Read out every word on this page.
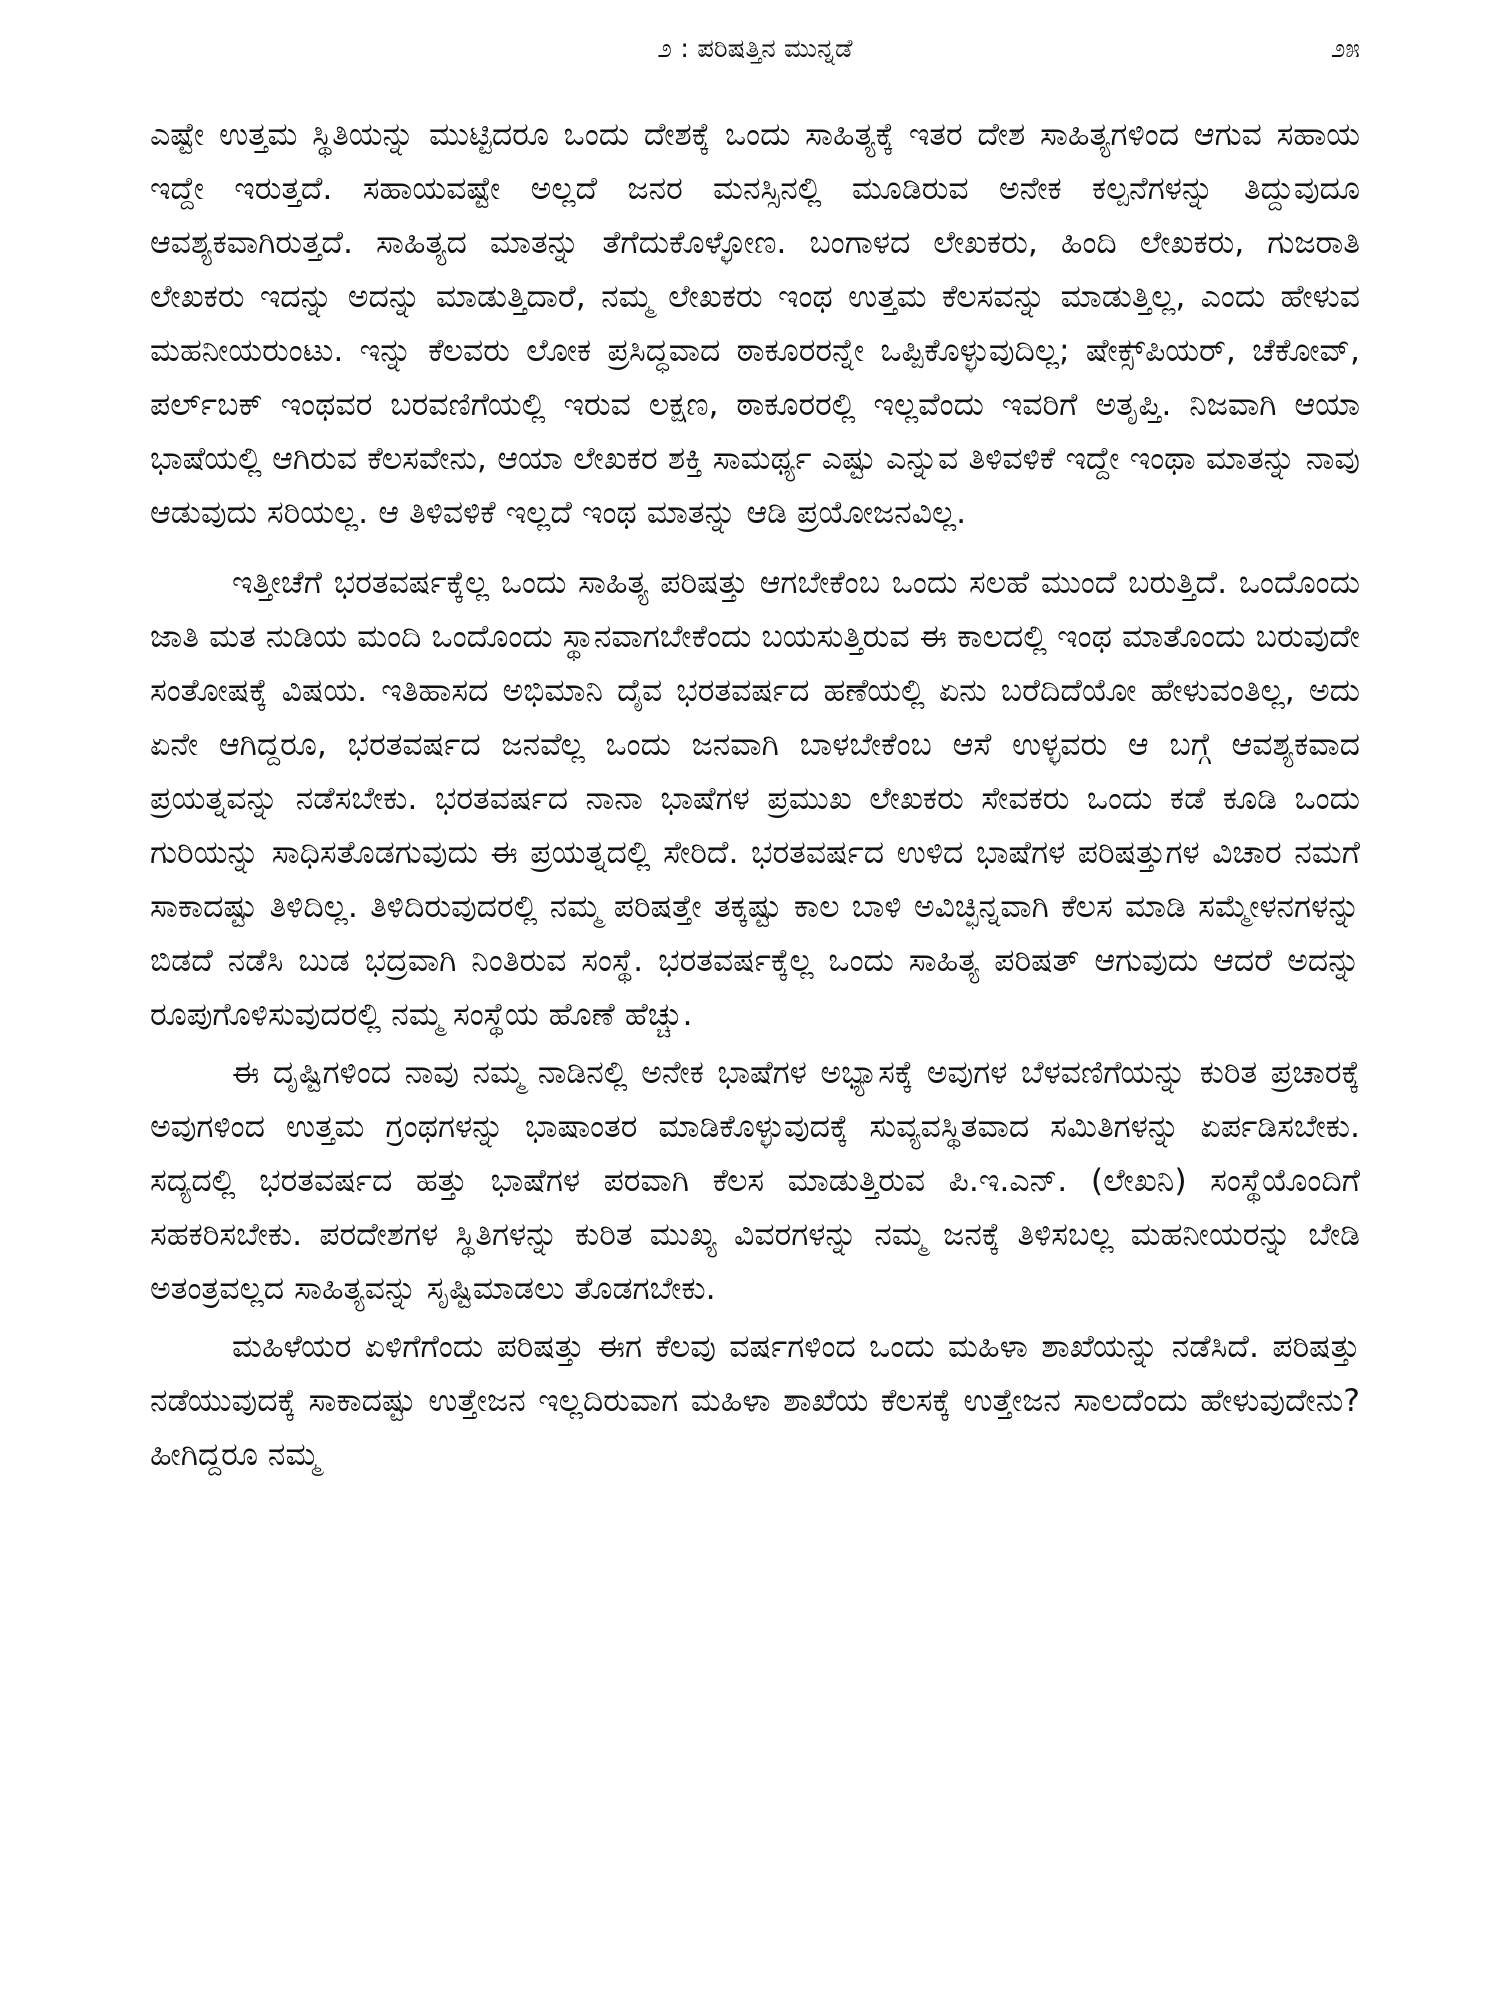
೨ : ಪರಿಷತ್ತಿನ ಮುನ್ನಡೆ	೨೫

ಎಷ್ಟೇ ಉತ್ತಮ ಸ್ಥಿತಿಯನ್ನು ಮುಟ್ಟಿದರೂ ಒಂದು ದೇಶಕ್ಕೆ ಒಂದು ಸಾಹಿತ್ಯಕ್ಕೆ ಇತರ ದೇಶ ಸಾಹಿತ್ಯಗಳಿಂದ ಆಗುವ ಸಹಾಯ ಇದ್ದೇ ಇರುತ್ತದೆ. ಸಹಾಯವಷ್ಟೇ ಅಲ್ಲದೆ ಜನರ ಮನಸ್ಸಿನಲ್ಲಿ ಮೂಡಿರುವ ಅನೇಕ ಕಲ್ಪನೆಗಳನ್ನು ತಿದ್ದುವುದೂ ಆವಶ್ಯಕವಾಗಿರುತ್ತದೆ. ಸಾಹಿತ್ಯದ ಮಾತನ್ನು ತೆಗೆದುಕೊಳ್ಳೋಣ. ಬಂಗಾಳದ ಲೇಖಕರು, ಹಿಂದಿ ಲೇಖಕರು, ಗುಜರಾತಿ ಲೇಖಕರು ಇದನ್ನು ಅದನ್ನು ಮಾಡುತ್ತಿದಾರೆ, ನಮ್ಮ ಲೇಖಕರು ಇಂಥ ಉತ್ತಮ ಕೆಲಸವನ್ನು ಮಾಡುತ್ತಿಲ್ಲ, ಎಂದು ಹೇಳುವ ಮಹನೀಯರುಂಟು. ಇನ್ನು ಕೆಲವರು ಲೋಕ ಪ್ರಸಿದ್ಧವಾದ ಠಾಕೂರರನ್ನೇ ಒಪ್ಪಿಕೊಳ್ಳುವುದಿಲ್ಲ; ಷೇಕ್ಸ್‌ಪಿಯರ್, ಚೆಕೋವ್, ಪರ್ಲ್‌ಬಕ್ ಇಂಥವರ ಬರವಣಿಗೆಯಲ್ಲಿ ಇರುವ ಲಕ್ಷಣ, ಠಾಕೂರರಲ್ಲಿ ಇಲ್ಲವೆಂದು ಇವರಿಗೆ ಅತೃಪ್ತಿ. ನಿಜವಾಗಿ ಆಯಾ ಭಾಷೆಯಲ್ಲಿ ಆಗಿರುವ ಕೆಲಸವೇನು, ಆಯಾ ಲೇಖಕರ ಶಕ್ತಿ ಸಾಮರ್ಥ್ಯ ಎಷ್ಟು ಎನ್ನುವ ತಿಳಿವಳಿಕೆ ಇದ್ದೇ ಇಂಥಾ ಮಾತನ್ನು ನಾವು ಆಡುವುದು ಸರಿಯಲ್ಲ. ಆ ತಿಳಿವಳಿಕೆ ಇಲ್ಲದೆ ಇಂಥ ಮಾತನ್ನು ಆಡಿ ಪ್ರಯೋಜನವಿಲ್ಲ.

ಇತ್ತೀಚೆಗೆ ಭರತವರ್ಷಕ್ಕೆಲ್ಲ ಒಂದು ಸಾಹಿತ್ಯ ಪರಿಷತ್ತು ಆಗಬೇಕೆಂಬ ಒಂದು ಸಲಹೆ ಮುಂದೆ ಬರುತ್ತಿದೆ. ಒಂದೊಂದು ಜಾತಿ ಮತ ನುಡಿಯ ಮಂದಿ ಒಂದೊಂದು ಸ್ಥಾನವಾಗಬೇಕೆಂದು ಬಯಸುತ್ತಿರುವ ಈ ಕಾಲದಲ್ಲಿ ಇಂಥ ಮಾತೊಂದು ಬರುವುದೇ ಸಂತೋಷಕ್ಕೆ ವಿಷಯ. ಇತಿಹಾಸದ ಅಭಿಮಾನಿ ದೈವ ಭರತವರ್ಷದ ಹಣೆಯಲ್ಲಿ ಏನು ಬರೆದಿದೆಯೋ ಹೇಳುವಂತಿಲ್ಲ, ಅದು ಏನೇ ಆಗಿದ್ದರೂ, ಭರತವರ್ಷದ ಜನವೆಲ್ಲ ಒಂದು ಜನವಾಗಿ ಬಾಳಬೇಕೆಂಬ ಆಸೆ ಉಳ್ಳವರು ಆ ಬಗ್ಗೆ ಆವಶ್ಯಕವಾದ ಪ್ರಯತ್ನವನ್ನು ನಡೆಸಬೇಕು. ಭರತವರ್ಷದ ನಾನಾ ಭಾಷೆಗಳ ಪ್ರಮುಖ ಲೇಖಕರು ಸೇವಕರು ಒಂದು ಕಡೆ ಕೂಡಿ ಒಂದು ಗುರಿಯನ್ನು ಸಾಧಿಸತೊಡಗುವುದು ಈ ಪ್ರಯತ್ನದಲ್ಲಿ ಸೇರಿದೆ. ಭರತವರ್ಷದ ಉಳಿದ ಭಾಷೆಗಳ ಪರಿಷತ್ತುಗಳ ವಿಚಾರ ನಮಗೆ ಸಾಕಾದಷ್ಟು ತಿಳಿದಿಲ್ಲ. ತಿಳಿದಿರುವುದರಲ್ಲಿ ನಮ್ಮ ಪರಿಷತ್ತೇ ತಕ್ಕಷ್ಟು ಕಾಲ ಬಾಳಿ ಅವಿಚ್ಛಿನ್ನವಾಗಿ ಕೆಲಸ ಮಾಡಿ ಸಮ್ಮೇಳನಗಳನ್ನು ಬಿಡದೆ ನಡೆಸಿ ಬುಡ ಭದ್ರವಾಗಿ ನಿಂತಿರುವ ಸಂಸ್ಥೆ. ಭರತವರ್ಷಕ್ಕೆಲ್ಲ ಒಂದು ಸಾಹಿತ್ಯ ಪರಿಷತ್ ಆಗುವುದು ಆದರೆ ಅದನ್ನು ರೂಪುಗೊಳಿಸುವುದರಲ್ಲಿ ನಮ್ಮ ಸಂಸ್ಥೆಯ ಹೊಣೆ ಹೆಚ್ಚು.

ಈ ದೃಷ್ಟಿಗಳಿಂದ ನಾವು ನಮ್ಮ ನಾಡಿನಲ್ಲಿ ಅನೇಕ ಭಾಷೆಗಳ ಅಭ್ಯಾಸಕ್ಕೆ ಅವುಗಳ ಬೆಳವಣಿಗೆಯನ್ನು ಕುರಿತ ಪ್ರಚಾರಕ್ಕೆ ಅವುಗಳಿಂದ ಉತ್ತಮ ಗ್ರಂಥಗಳನ್ನು ಭಾಷಾಂತರ ಮಾಡಿಕೊಳ್ಳುವುದಕ್ಕೆ ಸುವ್ಯವಸ್ಥಿತವಾದ ಸಮಿತಿಗಳನ್ನು ಏರ್ಪಡಿಸಬೇಕು. ಸದ್ಯದಲ್ಲಿ ಭರತವರ್ಷದ ಹತ್ತು ಭಾಷೆಗಳ ಪರವಾಗಿ ಕೆಲಸ ಮಾಡುತ್ತಿರುವ ಪಿ.ಇ.ಎನ್. (ಲೇಖನಿ) ಸಂಸ್ಥೆಯೊಂದಿಗೆ ಸಹಕರಿಸಬೇಕು. ಪರದೇಶಗಳ ಸ್ಥಿತಿಗಳನ್ನು ಕುರಿತ ಮುಖ್ಯ ವಿವರಗಳನ್ನು ನಮ್ಮ ಜನಕ್ಕೆ ತಿಳಿಸಬಲ್ಲ ಮಹನೀಯರನ್ನು ಬೇಡಿ ಅತಂತ್ರವಲ್ಲದ ಸಾಹಿತ್ಯವನ್ನು ಸೃಷ್ಟಿಮಾಡಲು ತೊಡಗಬೇಕು.

ಮಹಿಳೆಯರ ಏಳಿಗೆಗೆಂದು ಪರಿಷತ್ತು ಈಗ ಕೆಲವು ವರ್ಷಗಳಿಂದ ಒಂದು ಮಹಿಳಾ ಶಾಖೆಯನ್ನು ನಡೆಸಿದೆ. ಪರಿಷತ್ತು ನಡೆಯುವುದಕ್ಕೆ ಸಾಕಾದಷ್ಟು ಉತ್ತೇಜನ ಇಲ್ಲದಿರುವಾಗ ಮಹಿಳಾ ಶಾಖೆಯ ಕೆಲಸಕ್ಕೆ ಉತ್ತೇಜನ ಸಾಲದೆಂದು ಹೇಳುವುದೇನು? ಹೀಗಿದ್ದರೂ ನಮ್ಮ
